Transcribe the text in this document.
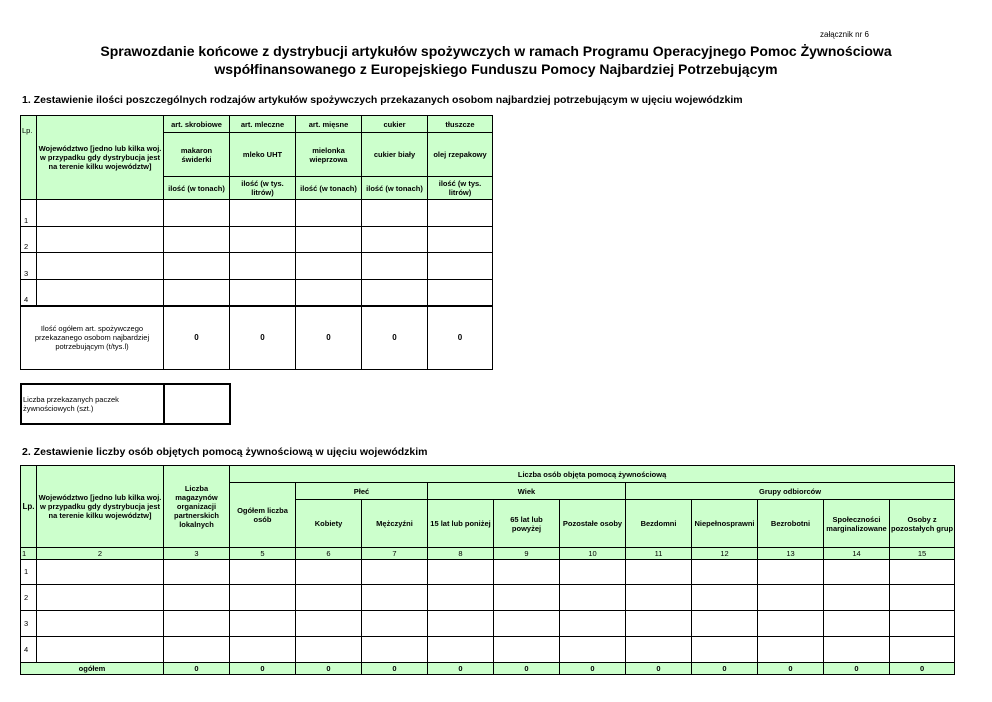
załącznik nr 6
Sprawozdanie końcowe z dystrybucji artykułów spożywczych w ramach Programu Operacyjnego Pomoc Żywnościowa
współfinansowanego z Europejskiego Funduszu Pomocy Najbardziej Potrzebującym
1. Zestawienie ilości poszczególnych rodzajów artykułów spożywczych przekazanych osobom najbardziej potrzebującym w ujęciu wojewódzkim
Lp.	Województwo [jedno lub kilka woj. w przypadku gdy dystrybucja jest na terenie kilku województw]	art. skrobiowe	art. mleczne	art. mięsne	cukier	tłuszcze
		makaron świderki	mleko UHT	mielonka wieprzowa	cukier biały	olej rzepakowy
		ilość (w tonach)	ilość (w tys. litrów)	ilość (w tonach)	ilość (w tonach)	ilość (w tys. litrów)
1						
2						
3						
4						
Ilość ogółem art. spożywczego przekazanego osobom najbardziej potrzebującym (t/tys.l)		0	0	0	0	0
Liczba przekazanych paczek żywnościowych (szt.)	
2. Zestawienie liczby osób objętych pomocą żywnościową w ujęciu wojewódzkim
Lp.	Województwo [jedno lub kilka woj. w przypadku gdy dystrybucja jest na terenie kilku województw]	Liczba magazynów organizacji partnerskich lokalnych	Liczba osób objęta pomocą żywnościową										
			Ogółem liczba osób	Płeć		Wiek			Grupy odbiorców				
				Kobiety	Mężczyźni	15 lat lub poniżej	65 lat lub powyżej	Pozostałe osoby	Bezdomni	Niepełnosprawni	Bezrobotni	Społeczności marginalizowane	Osoby z pozostałych grup
1	2	3	5	6	7	8	9	10	11	12	13	14	15
1													
2													
3													
4													
ogółem		0	0	0	0	0	0	0	0	0	0	0	0
